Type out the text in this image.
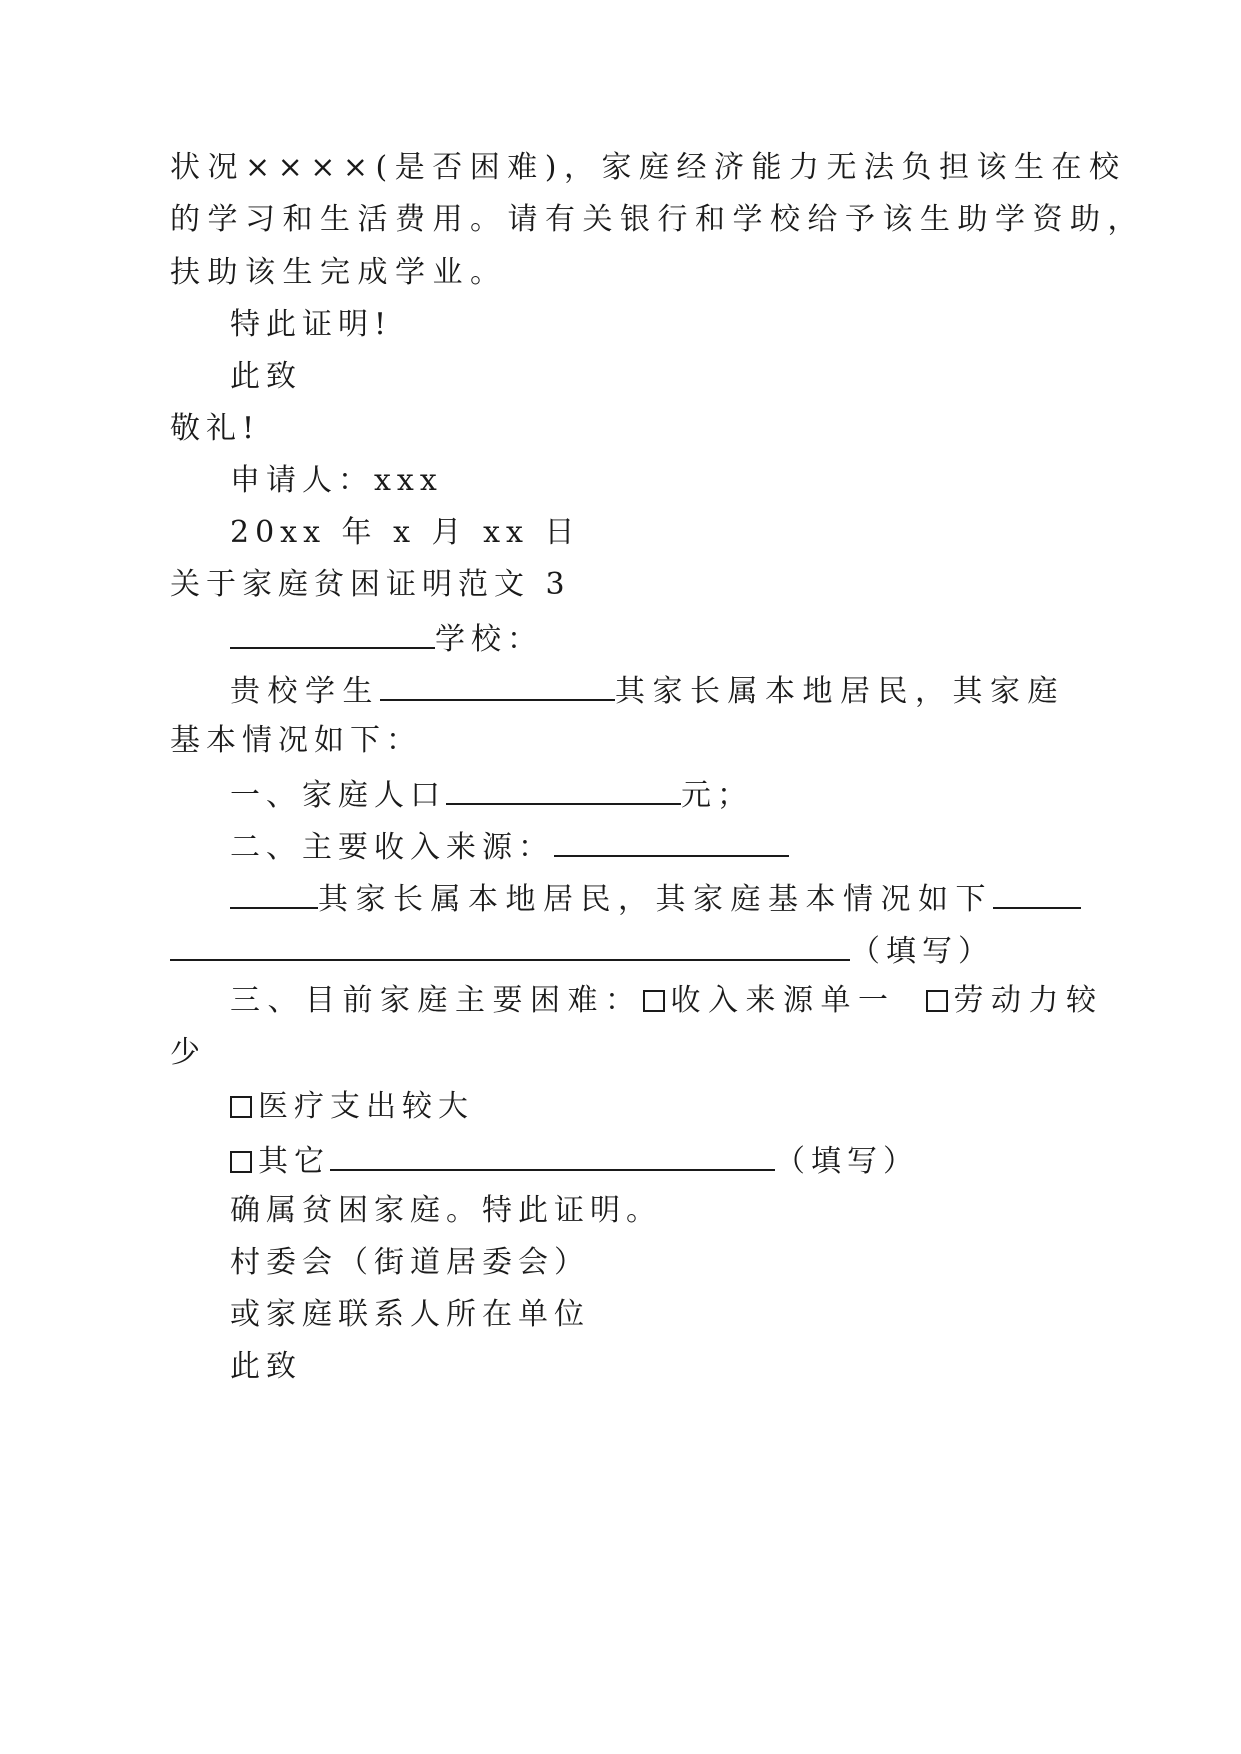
状况××××(是否困难)，家庭经济能力无法负担该生在校
的学习和生活费用。请有关银行和学校给予该生助学资助，
扶助该生完成学业。
特此证明!
此致
敬礼!
申请人：xxx
20xx 年 x 月 xx 日
关于家庭贫困证明范文 3
学校：
贵校学生	其家长属本地居民，其家庭
基本情况如下：
一、家庭人口	元；
二、主要收入来源：
其家长属本地居民，其家庭基本情况如下
（填写）
三、目前家庭主要困难： 收入来源单一 劳动力较
少
医疗支出较大
其它	（填写）
确属贫困家庭。特此证明。
村委会（街道居委会）
或家庭联系人所在单位
此致
